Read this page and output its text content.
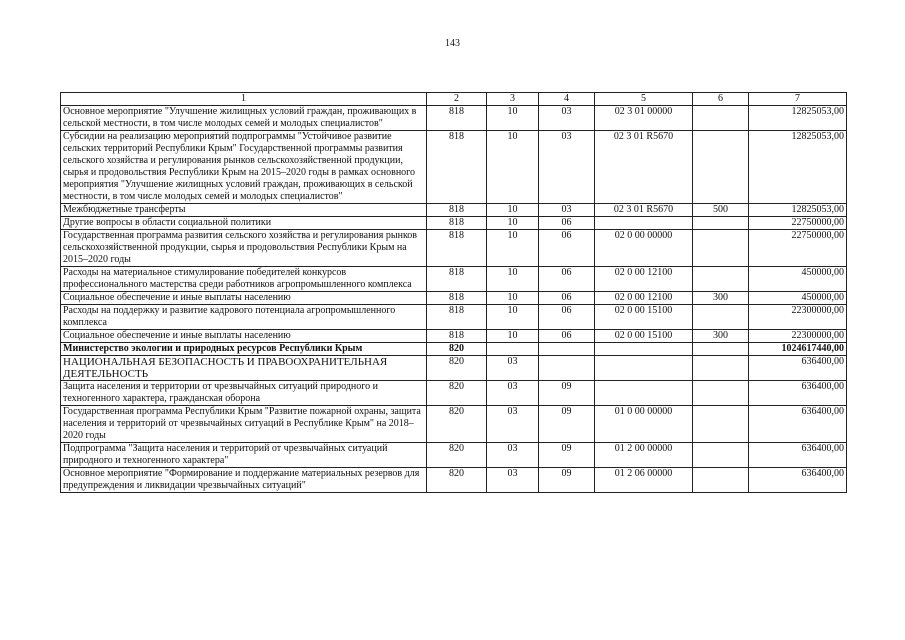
143
1	2	3	4	5	6	7
Основное мероприятие "Улучшение жилищных условий граждан, проживающих в сельской местности, в том числе молодых семей и молодых специалистов"	818	10	03	02 3 01 00000		12825053,00
Субсидии на реализацию мероприятий подпрограммы "Устойчивое развитие сельских территорий Республики Крым" Государственной программы развития сельского хозяйства и регулирования рынков сельскохозяйственной продукции, сырья и продовольствия Республики Крым на 2015–2020 годы в рамках основного мероприятия "Улучшение жилищных условий граждан, проживающих в сельской местности, в том числе молодых семей и молодых специалистов"	818	10	03	02 3 01 R5670		12825053,00
Межбюджетные трансферты	818	10	03	02 3 01 R5670	500	12825053,00
Другие вопросы в области социальной политики	818	10	06			22750000,00
Государственная программа развития сельского хозяйства и регулирования рынков сельскохозяйственной продукции, сырья и продовольствия Республики Крым на 2015–2020 годы	818	10	06	02 0 00 00000		22750000,00
Расходы на материальное стимулирование победителей конкурсов профессионального мастерства среди работников агропромышленного комплекса	818	10	06	02 0 00 12100		450000,00
Социальное обеспечение и иные выплаты населению	818	10	06	02 0 00 12100	300	450000,00
Расходы на поддержку и развитие кадрового потенциала агропромышленного комплекса	818	10	06	02 0 00 15100		22300000,00
Социальное обеспечение и иные выплаты населению	818	10	06	02 0 00 15100	300	22300000,00
Министерство экологии и природных ресурсов Республики Крым	820					1024617440,00
НАЦИОНАЛЬНАЯ БЕЗОПАСНОСТЬ И ПРАВООХРАНИТЕЛЬНАЯ ДЕЯТЕЛЬНОСТЬ	820	03				636400,00
Защита населения и территории от чрезвычайных ситуаций природного и техногенного характера, гражданская оборона	820	03	09			636400,00
Государственная программа Республики Крым "Развитие пожарной охраны, защита населения и территорий от чрезвычайных ситуаций в Республике Крым" на 2018–2020 годы	820	03	09	01 0 00 00000		636400,00
Подпрограмма "Защита населения и территорий от чрезвычайных ситуаций природного и техногенного характера"	820	03	09	01 2 00 00000		636400,00
Основное мероприятие "Формирование и поддержание материальных резервов для предупреждения и ликвидации чрезвычайных ситуаций"	820	03	09	01 2 06 00000		636400,00
